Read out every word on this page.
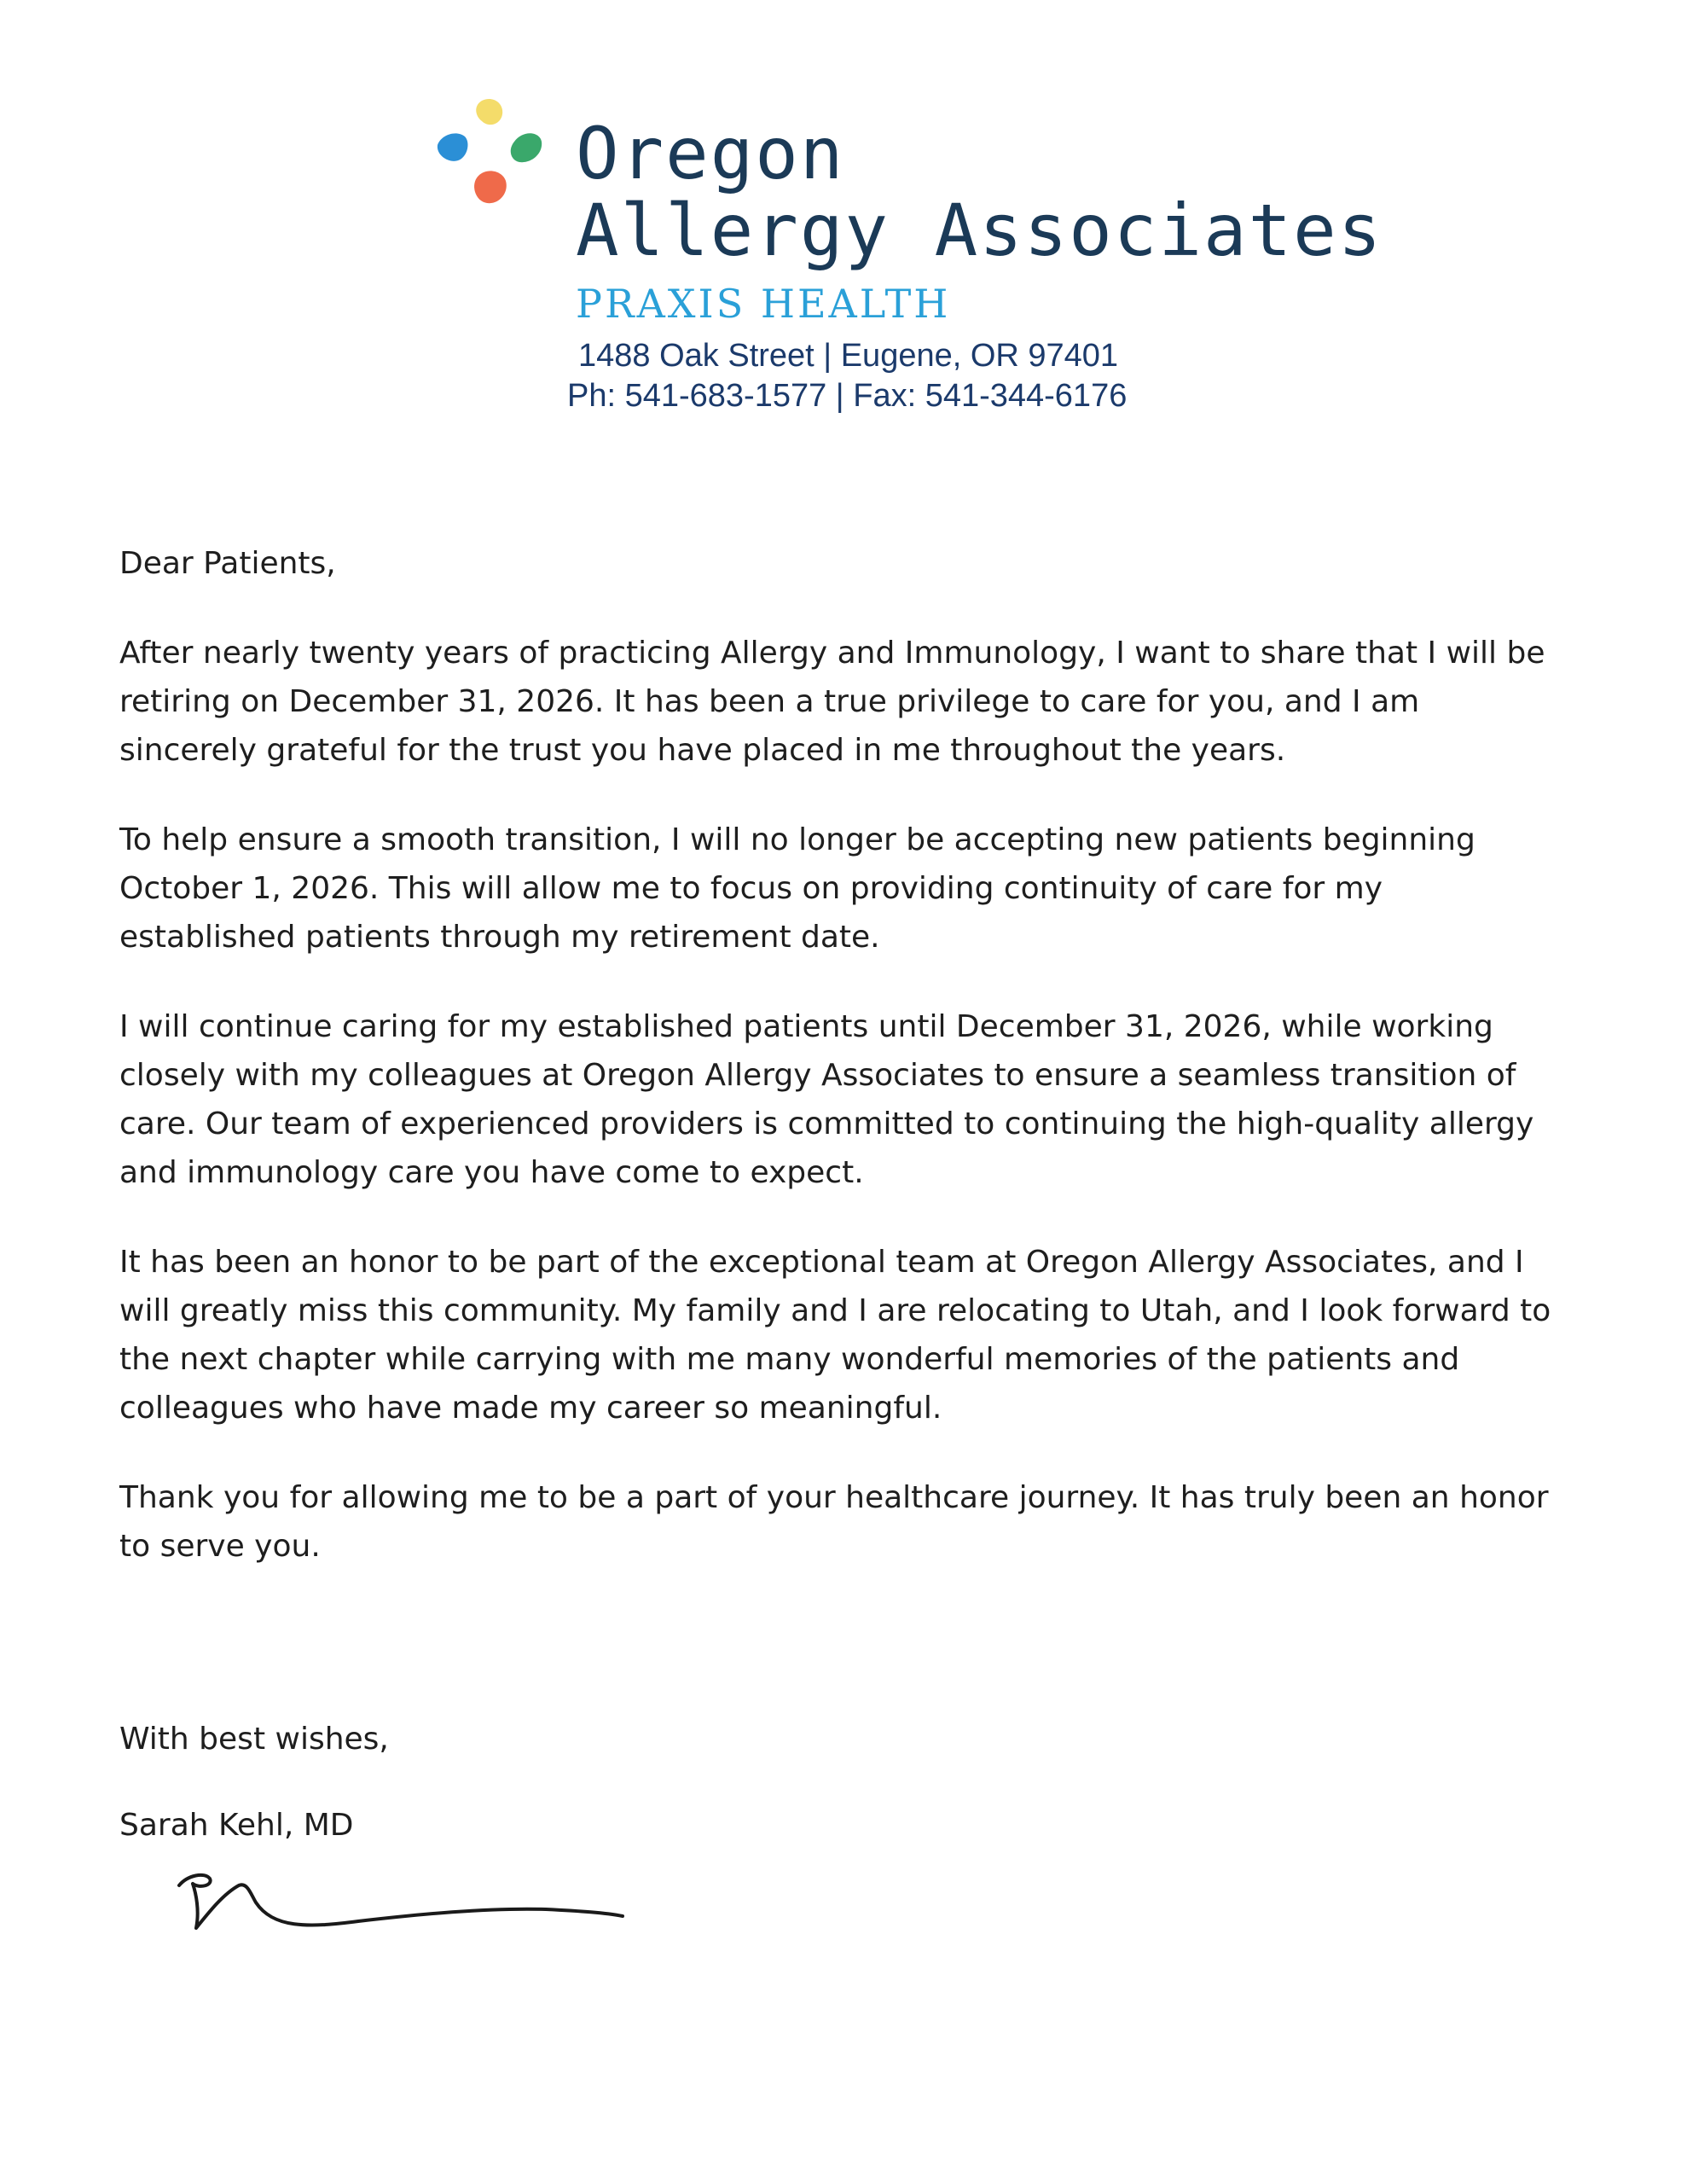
Oregon
Allergy Associates
PRAXIS HEALTH
1488 Oak Street | Eugene, OR 97401
Ph: 541-683-1577 | Fax: 541-344-6176

Dear Patients,

After nearly twenty years of practicing Allergy and Immunology, I want to share that I will be retiring on December 31, 2026. It has been a true privilege to care for you, and I am sincerely grateful for the trust you have placed in me throughout the years.

To help ensure a smooth transition, I will no longer be accepting new patients beginning October 1, 2026. This will allow me to focus on providing continuity of care for my established patients through my retirement date.

I will continue caring for my established patients until December 31, 2026, while working closely with my colleagues at Oregon Allergy Associates to ensure a seamless transition of care. Our team of experienced providers is committed to continuing the high-quality allergy and immunology care you have come to expect.

It has been an honor to be part of the exceptional team at Oregon Allergy Associates, and I will greatly miss this community. My family and I are relocating to Utah, and I look forward to the next chapter while carrying with me many wonderful memories of the patients and colleagues who have made my career so meaningful.

Thank you for allowing me to be a part of your healthcare journey. It has truly been an honor to serve you.

With best wishes,

Sarah Kehl, MD
